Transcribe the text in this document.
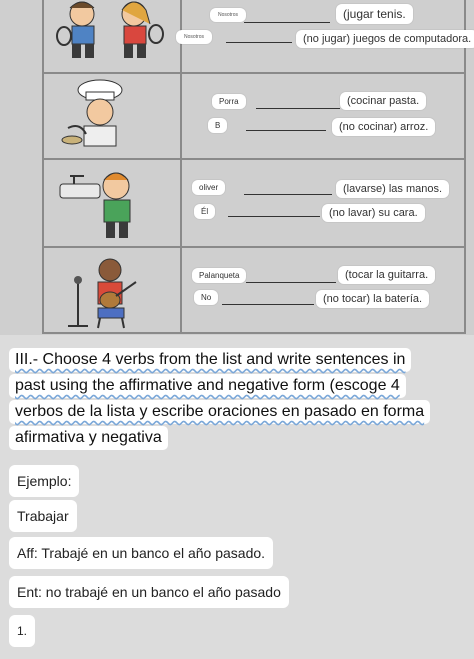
Nosotros	(jugar tenis.
Nosotros	(no jugar) juegos de computadora.
Porra	(cocinar pasta.
B	(no cocinar) arroz.
oliver	(lavarse) las manos.
Él	(no lavar) su cara.
Palanqueta	(tocar la guitarra.
No	(no tocar) la batería.
III.- Choose 4 verbs from the list and write sentences in
past using the affirmative and negative form (escoge 4
verbos de la lista y escribe oraciones en pasado en forma
afirmativa y negativa
Ejemplo:
Trabajar
Aff: Trabajé en un banco el año pasado.
Ent: no trabajé en un banco el año pasado
1.
